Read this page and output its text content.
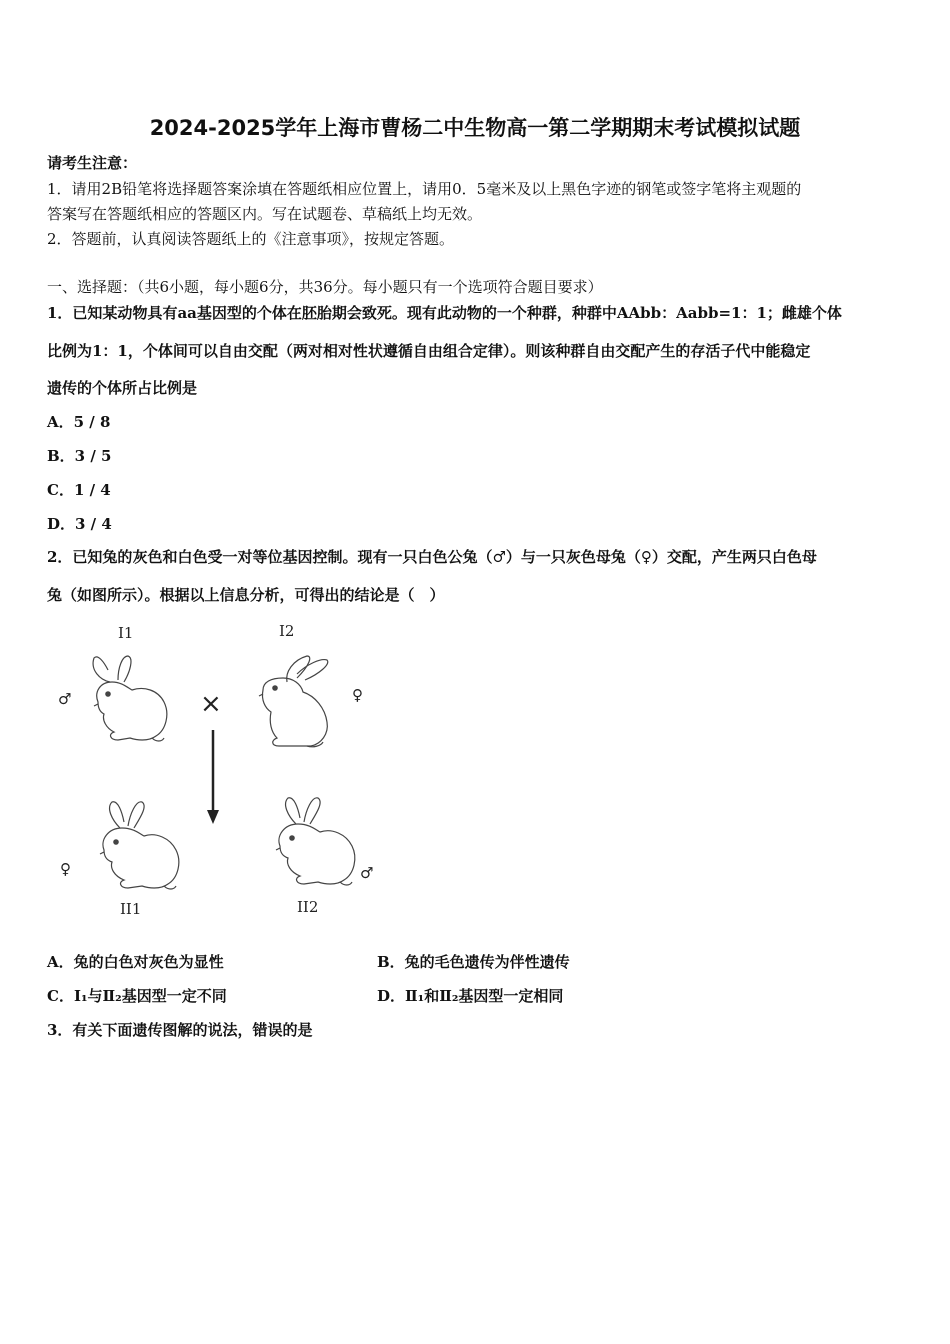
2024-2025学年上海市曹杨二中生物高一第二学期期末考试模拟试题
请考生注意：
1．请用2B铅笔将选择题答案涂填在答题纸相应位置上，请用0．5毫米及以上黑色字迹的钢笔或签字笔将主观题的
答案写在答题纸相应的答题区内。写在试题卷、草稿纸上均无效。
2．答题前，认真阅读答题纸上的《注意事项》，按规定答题。
一、选择题：（共6小题，每小题6分，共36分。每小题只有一个选项符合题目要求）
1．已知某动物具有aa基因型的个体在胚胎期会致死。现有此动物的一个种群，种群中AAbb：Aabb=1：1；雌雄个体
比例为1：1，个体间可以自由交配（两对相对性状遵循自由组合定律）。则该种群自由交配产生的存活子代中能稳定
遗传的个体所占比例是
A．5 / 8
B．3 / 5
C．1 / 4
D．3 / 4
2．已知兔的灰色和白色受一对等位基因控制。现有一只白色公兔（♂）与一只灰色母兔（♀）交配，产生两只白色母
兔（如图所示）。根据以上信息分析，可得出的结论是（　）
I1	I2
II1	II2
♂	♀
♀	♂
×
A．兔的白色对灰色为显性	B．兔的毛色遗传为伴性遗传
C．Ⅰ₁与Ⅱ₂基因型一定不同	D．Ⅱ₁和Ⅱ₂基因型一定相同
3．有关下面遗传图解的说法，错误的是
